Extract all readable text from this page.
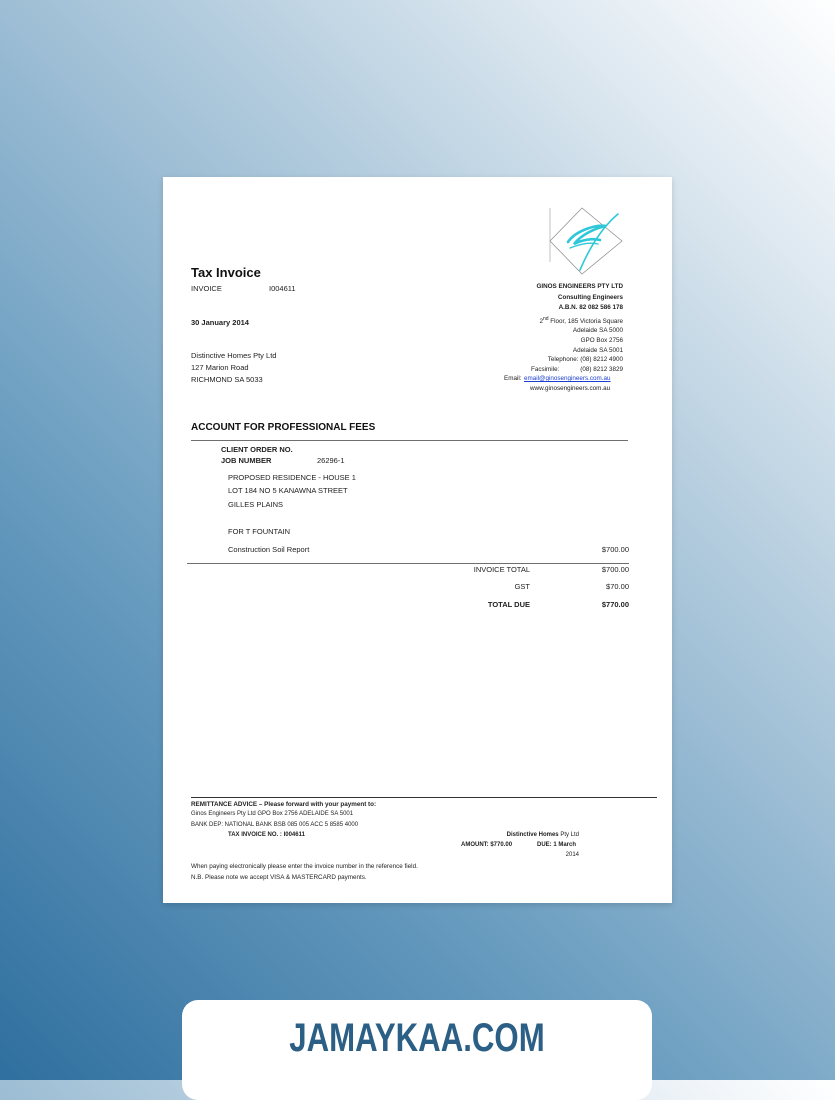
Tax Invoice
INVOICE	I004611
30 January 2014
Distinctive Homes Pty Ltd
127 Marion Road
RICHMOND SA 5033
GINOS ENGINEERS PTY LTD
Consulting Engineers
A.B.N. 82 082 586 178
2nd Floor, 185 Victoria Square
Adelaide SA 5000
GPO Box 2756
Adelaide SA 5001
Telephone: (08) 8212 4900
Facsimile:	(08) 8212 3829
Email: email@ginosengineers.com.au
www.ginosengineers.com.au
ACCOUNT FOR PROFESSIONAL FEES
CLIENT ORDER NO.
JOB NUMBER	26296-1
PROPOSED RESIDENCE - HOUSE 1
LOT 184 NO 5 KANAWNA STREET
GILLES PLAINS
FOR T FOUNTAIN
Construction Soil Report	$700.00
INVOICE TOTAL	$700.00
GST	$70.00
TOTAL DUE	$770.00
REMITTANCE ADVICE – Please forward with your payment to:
Ginos Engineers Pty Ltd GPO Box 2756 ADELAIDE SA 5001
BANK DEP: NATIONAL BANK BSB 085 005 ACC 5 8585 4000
TAX INVOICE NO. : I004611	Distinctive Homes Pty Ltd
AMOUNT: $770.00	DUE: 1 March
2014
When paying electronically please enter the invoice number in the reference field.
N.B. Please note we accept VISA & MASTERCARD payments.
JAMAYKAA.COM
